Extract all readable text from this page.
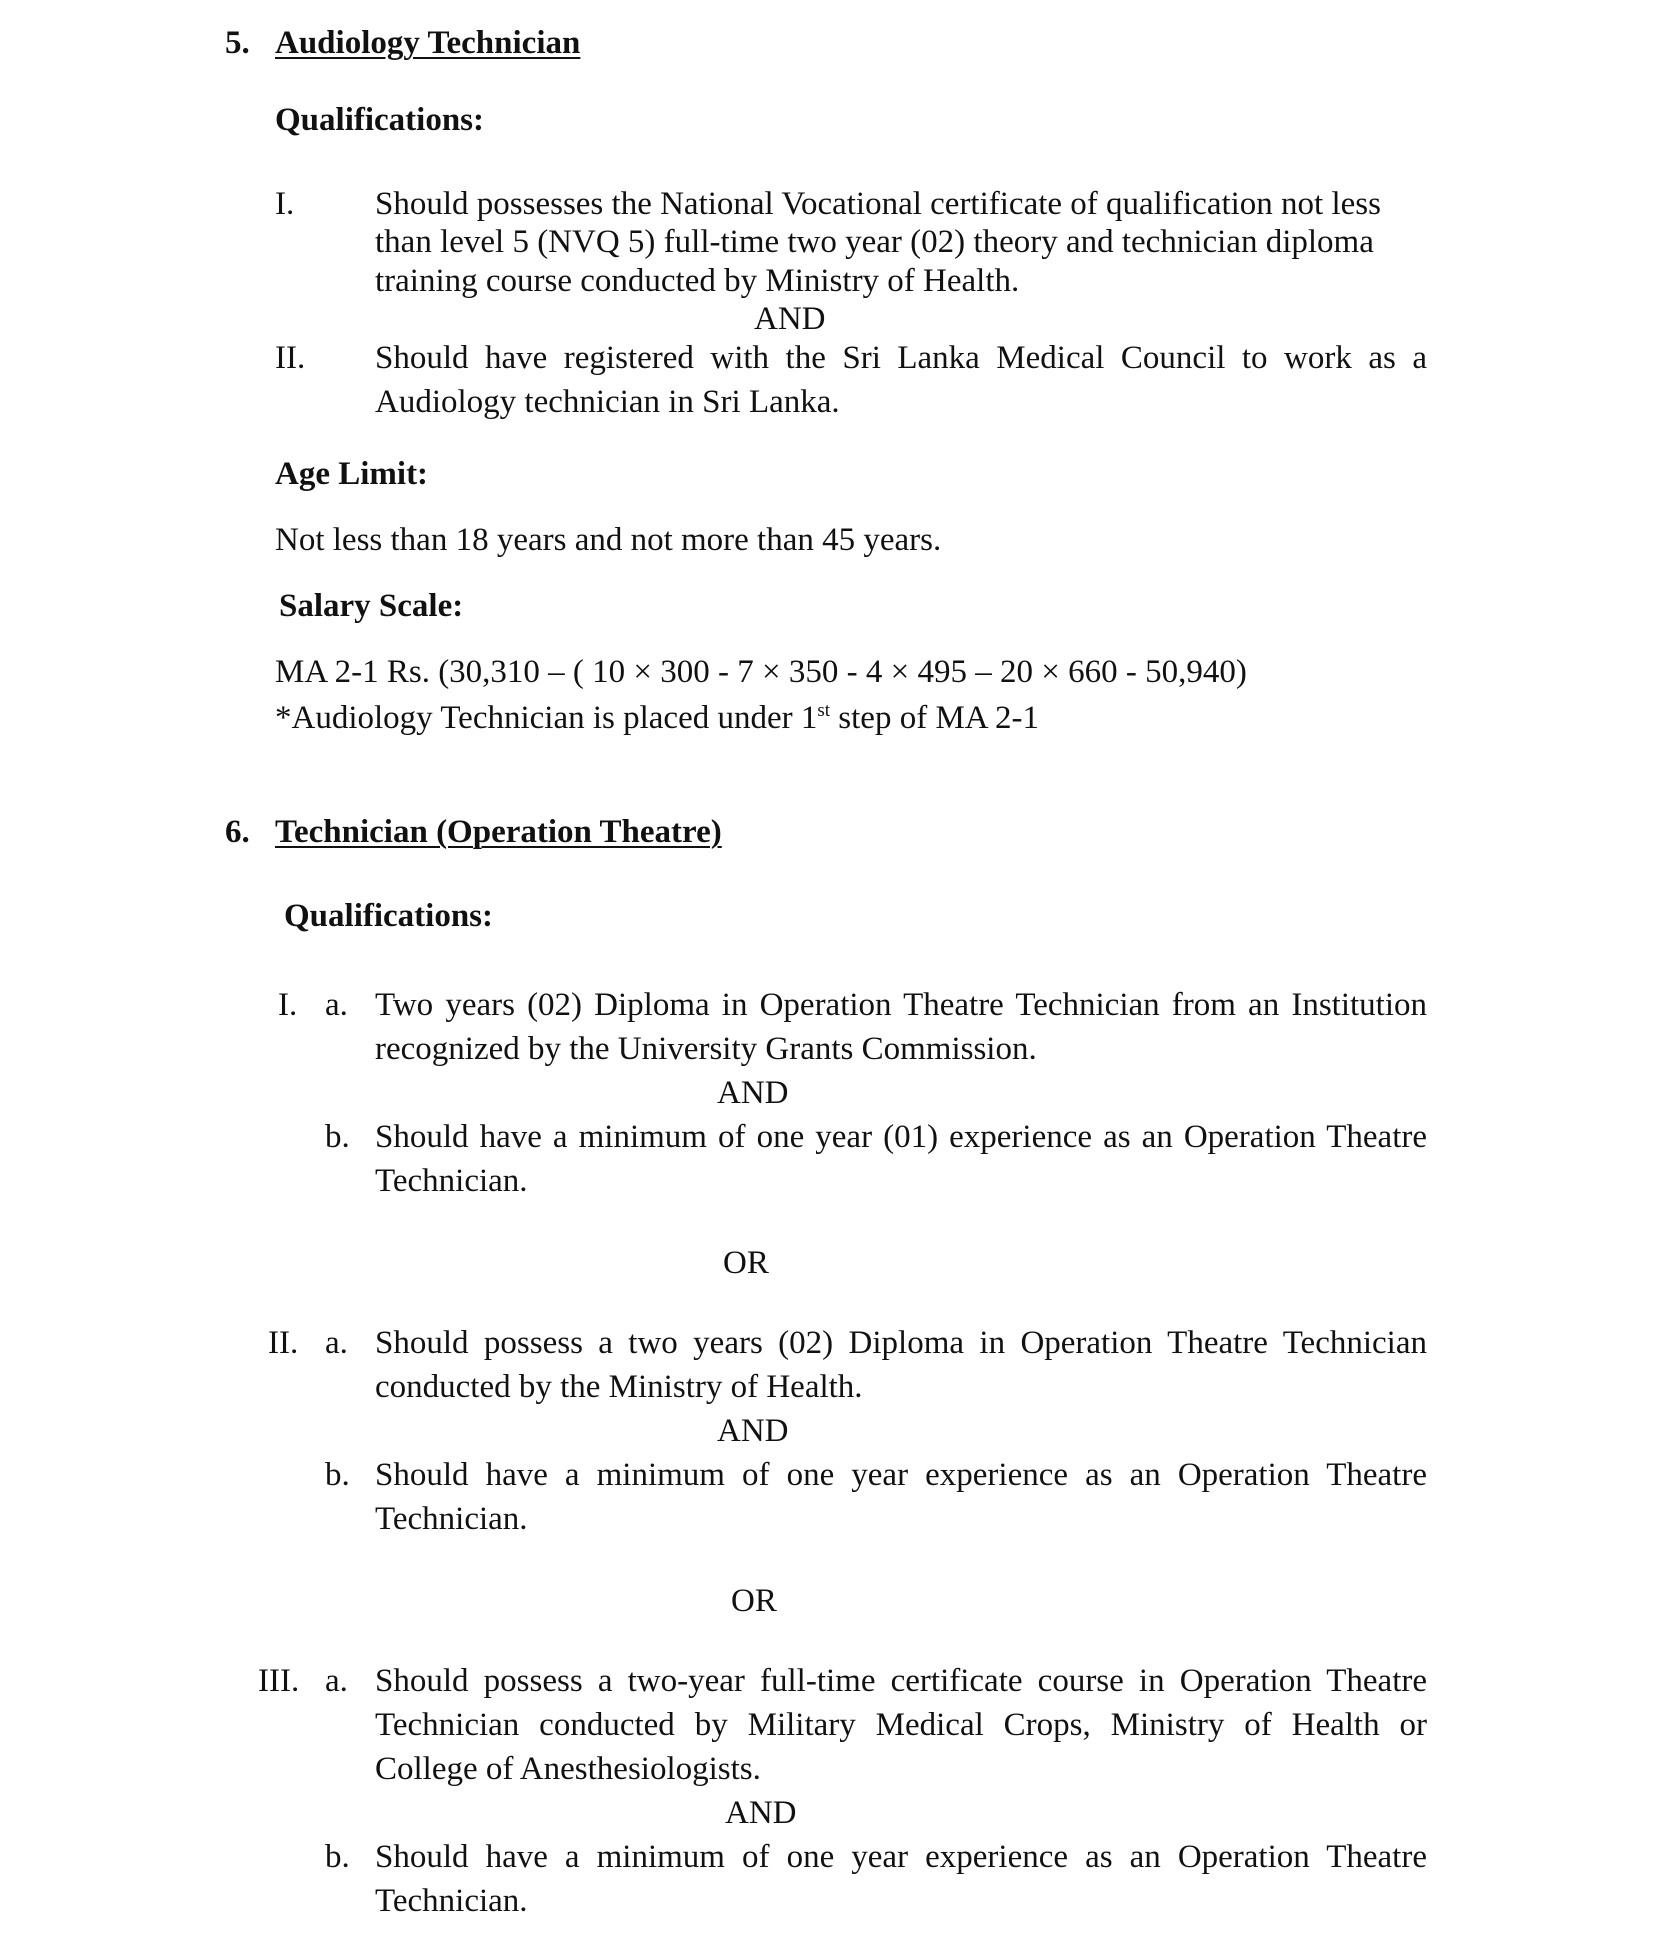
5. Audiology Technician
Qualifications:
I. Should possesses the National Vocational certificate of qualification not less
than level 5 (NVQ 5) full-time two year (02) theory and technician diploma
training course conducted by Ministry of Health.
AND
II. Should have registered with the Sri Lanka Medical Council to work as a
Audiology technician in Sri Lanka.
Age Limit:
Not less than 18 years and not more than 45 years.
Salary Scale:
MA 2-1 Rs. (30,310 – ( 10 × 300 - 7 × 350 - 4 × 495 – 20 × 660 - 50,940)
*Audiology Technician is placed under 1st step of MA 2-1
6. Technician (Operation Theatre)
Qualifications:
I. a. Two years (02) Diploma in Operation Theatre Technician from an Institution
recognized by the University Grants Commission.
AND
b. Should have a minimum of one year (01) experience as an Operation Theatre
Technician.
OR
II. a. Should possess a two years (02) Diploma in Operation Theatre Technician
conducted by the Ministry of Health.
AND
b. Should have a minimum of one year experience as an Operation Theatre
Technician.
OR
III. a. Should possess a two-year full-time certificate course in Operation Theatre
Technician conducted by Military Medical Crops, Ministry of Health or
College of Anesthesiologists.
AND
b. Should have a minimum of one year experience as an Operation Theatre
Technician.
